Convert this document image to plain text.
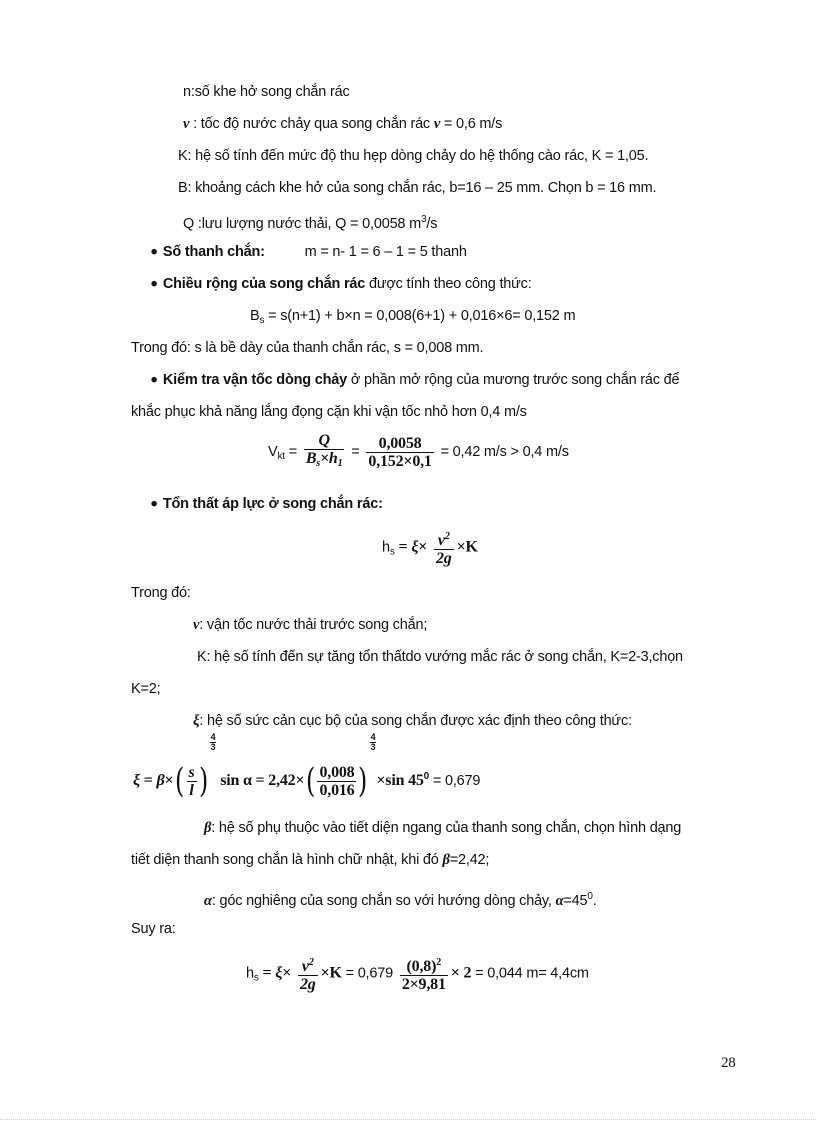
n:số khe hở song chắn rác
v : tốc độ nước chảy qua song chắn rác v = 0,6 m/s
K: hệ số tính đến mức độ thu hẹp dòng chảy do hệ thống cào rác, K = 1,05.
B: khoảng cách khe hở của song chắn rác, b=16 – 25 mm. Chọn b = 16 mm.
Q :lưu lượng nước thải, Q = 0,0058 $m^3/s$
⚫ Số thanh chắn:	m = n- 1 = 6 – 1 = 5 thanh
⚫ Chiều rộng của song chắn rác được tính theo công thức:
$B_s = s(n+1) + b\times n = 0,008(6+1) + 0,016\times 6= 0,152$ m
Trong đó: s là bề dày của thanh chắn rác, s = 0,008 mm.
⚫ Kiểm tra vận tốc dòng chảy ở phần mở rộng của mương trước song chắn rác để
khắc phục khả năng lắng đọng cặn khi vận tốc nhỏ hơn 0,4 m/s
$V_{kt} = \frac{Q}{B_s\times h_1} = \frac{0,0058}{0,152\times 0,1} = 0,42$ m/s > 0,4 m/s
⚫ Tổn thất áp lực ở song chắn rác:
$h_s = \xi\times \frac{v^2}{2g} \times K$
Trong đó:
v: vận tốc nước thải trước song chắn;
K: hệ số tính đến sự tăng tổn thấtdo vướng mắc rác ở song chắn, K=2-3,chọn
K=2;
ξ: hệ số sức cản cục bộ của song chắn được xác định theo công thức:
$\xi = \beta\times( \frac{s}{l}$ )
$\frac{4}{3}$
$\sin \alpha = 2,42\times( \frac{0,008}{0,016}$ )
$\frac{4}{3}$
×sin $45^0 = 0,679$
β: hệ số phụ thuộc vào tiết diện ngang của thanh song chắn, chọn hình dạng
tiết diện thanh song chắn là hình chữ nhật, khi đó β=2,42;
α: góc nghiêng của song chắn so với hướng dòng chảy, $\alpha=45^0$.
Suy ra:
$h_s = \xi\times \frac{v^2}{2g} \times K = 0,679 \frac{(0,8)^2}{2\times 9,81} \times 2 = 0,044$ m= 4,4cm
28
